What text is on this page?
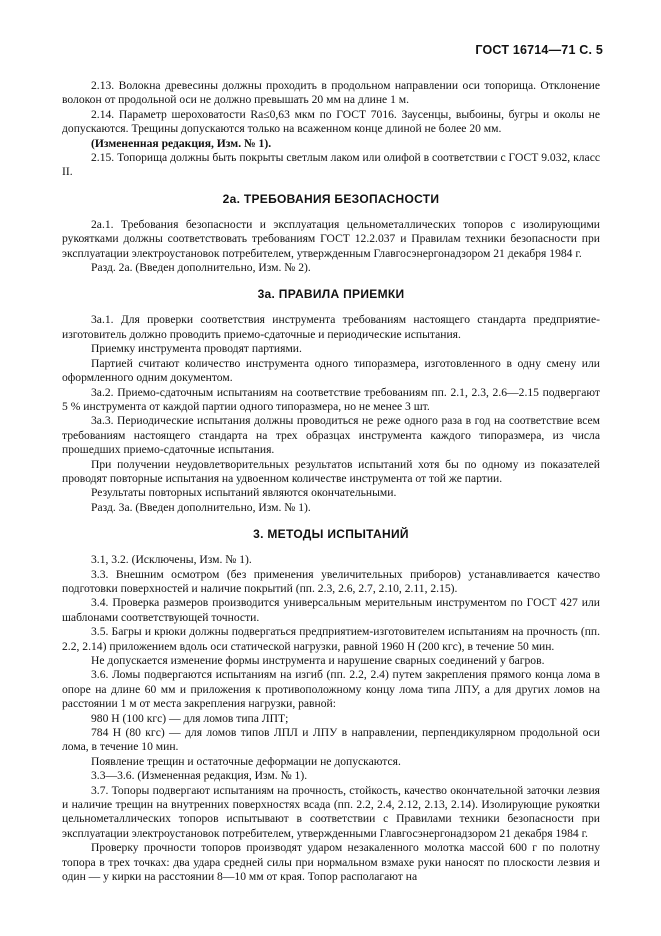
ГОСТ 16714—71 С. 5

2.13. Волокна древесины должны проходить в продольном направлении оси топорища. Отклонение волокон от продольной оси не должно превышать 20 мм на длине 1 м.

2.14. Параметр шероховатости Ra≤0,63 мкм по ГОСТ 7016. Заусенцы, выбоины, бугры и околы не допускаются. Трещины допускаются только на всаженном конце длиной не более 20 мм.

(Измененная редакция, Изм. № 1).

2.15. Топорища должны быть покрыты светлым лаком или олифой в соответствии с ГОСТ 9.032, класс II.

2а. ТРЕБОВАНИЯ БЕЗОПАСНОСТИ

2а.1. Требования безопасности и эксплуатация цельнометаллических топоров с изолирующими рукоятками должны соответствовать требованиям ГОСТ 12.2.037 и Правилам техники безопасности при эксплуатации электроустановок потребителем, утвержденным Главгосэнергонадзором 21 декабря 1984 г.

Разд. 2а. (Введен дополнительно, Изм. № 2).

3а. ПРАВИЛА ПРИЕМКИ

3а.1. Для проверки соответствия инструмента требованиям настоящего стандарта предприятие-изготовитель должно проводить приемо-сдаточные и периодические испытания.

Приемку инструмента проводят партиями.

Партией считают количество инструмента одного типоразмера, изготовленного в одну смену или оформленного одним документом.

3а.2. Приемо-сдаточным испытаниям на соответствие требованиям пп. 2.1, 2.3, 2.6—2.15 подвергают 5 % инструмента от каждой партии одного типоразмера, но не менее 3 шт.

3а.3. Периодические испытания должны проводиться не реже одного раза в год на соответствие всем требованиям настоящего стандарта на трех образцах инструмента каждого типоразмера, из числа прошедших приемо-сдаточные испытания.

При получении неудовлетворительных результатов испытаний хотя бы по одному из показателей проводят повторные испытания на удвоенном количестве инструмента от той же партии.

Результаты повторных испытаний являются окончательными.

Разд. 3а. (Введен дополнительно, Изм. № 1).

3. МЕТОДЫ ИСПЫТАНИЙ

3.1, 3.2. (Исключены, Изм. № 1).

3.3. Внешним осмотром (без применения увеличительных приборов) устанавливается качество подготовки поверхностей и наличие покрытий (пп. 2.3, 2.6, 2.7, 2.10, 2.11, 2.15).

3.4. Проверка размеров производится универсальным мерительным инструментом по ГОСТ 427 или шаблонами соответствующей точности.

3.5. Багры и крюки должны подвергаться предприятием-изготовителем испытаниям на прочность (пп. 2.2, 2.14) приложением вдоль оси статической нагрузки, равной 1960 Н (200 кгс), в течение 50 мин.

Не допускается изменение формы инструмента и нарушение сварных соединений у багров.

3.6. Ломы подвергаются испытаниям на изгиб (пп. 2.2, 2.4) путем закрепления прямого конца лома в опоре на длине 60 мм и приложения к противоположному концу лома типа ЛПУ, а для других ломов на расстоянии 1 м от места закрепления нагрузки, равной:

980 Н (100 кгс) — для ломов типа ЛПТ;

784 Н (80 кгс) — для ломов типов ЛПЛ и ЛПУ в направлении, перпендикулярном продольной оси лома, в течение 10 мин.

Появление трещин и остаточные деформации не допускаются.

3.3—3.6. (Измененная редакция, Изм. № 1).

3.7. Топоры подвергают испытаниям на прочность, стойкость, качество окончательной заточки лезвия и наличие трещин на внутренних поверхностях всада (пп. 2.2, 2.4, 2.12, 2.13, 2.14). Изолирующие рукоятки цельнометаллических топоров испытывают в соответствии с Правилами техники безопасности при эксплуатации электроустановок потребителем, утвержденными Главгосэнергонадзором 21 декабря 1984 г.

Проверку прочности топоров производят ударом незакаленного молотка массой 600 г по полотну топора в трех точках: два удара средней силы при нормальном взмахе руки наносят по плоскости лезвия и один — у кирки на расстоянии 8—10 мм от края. Топор располагают на
